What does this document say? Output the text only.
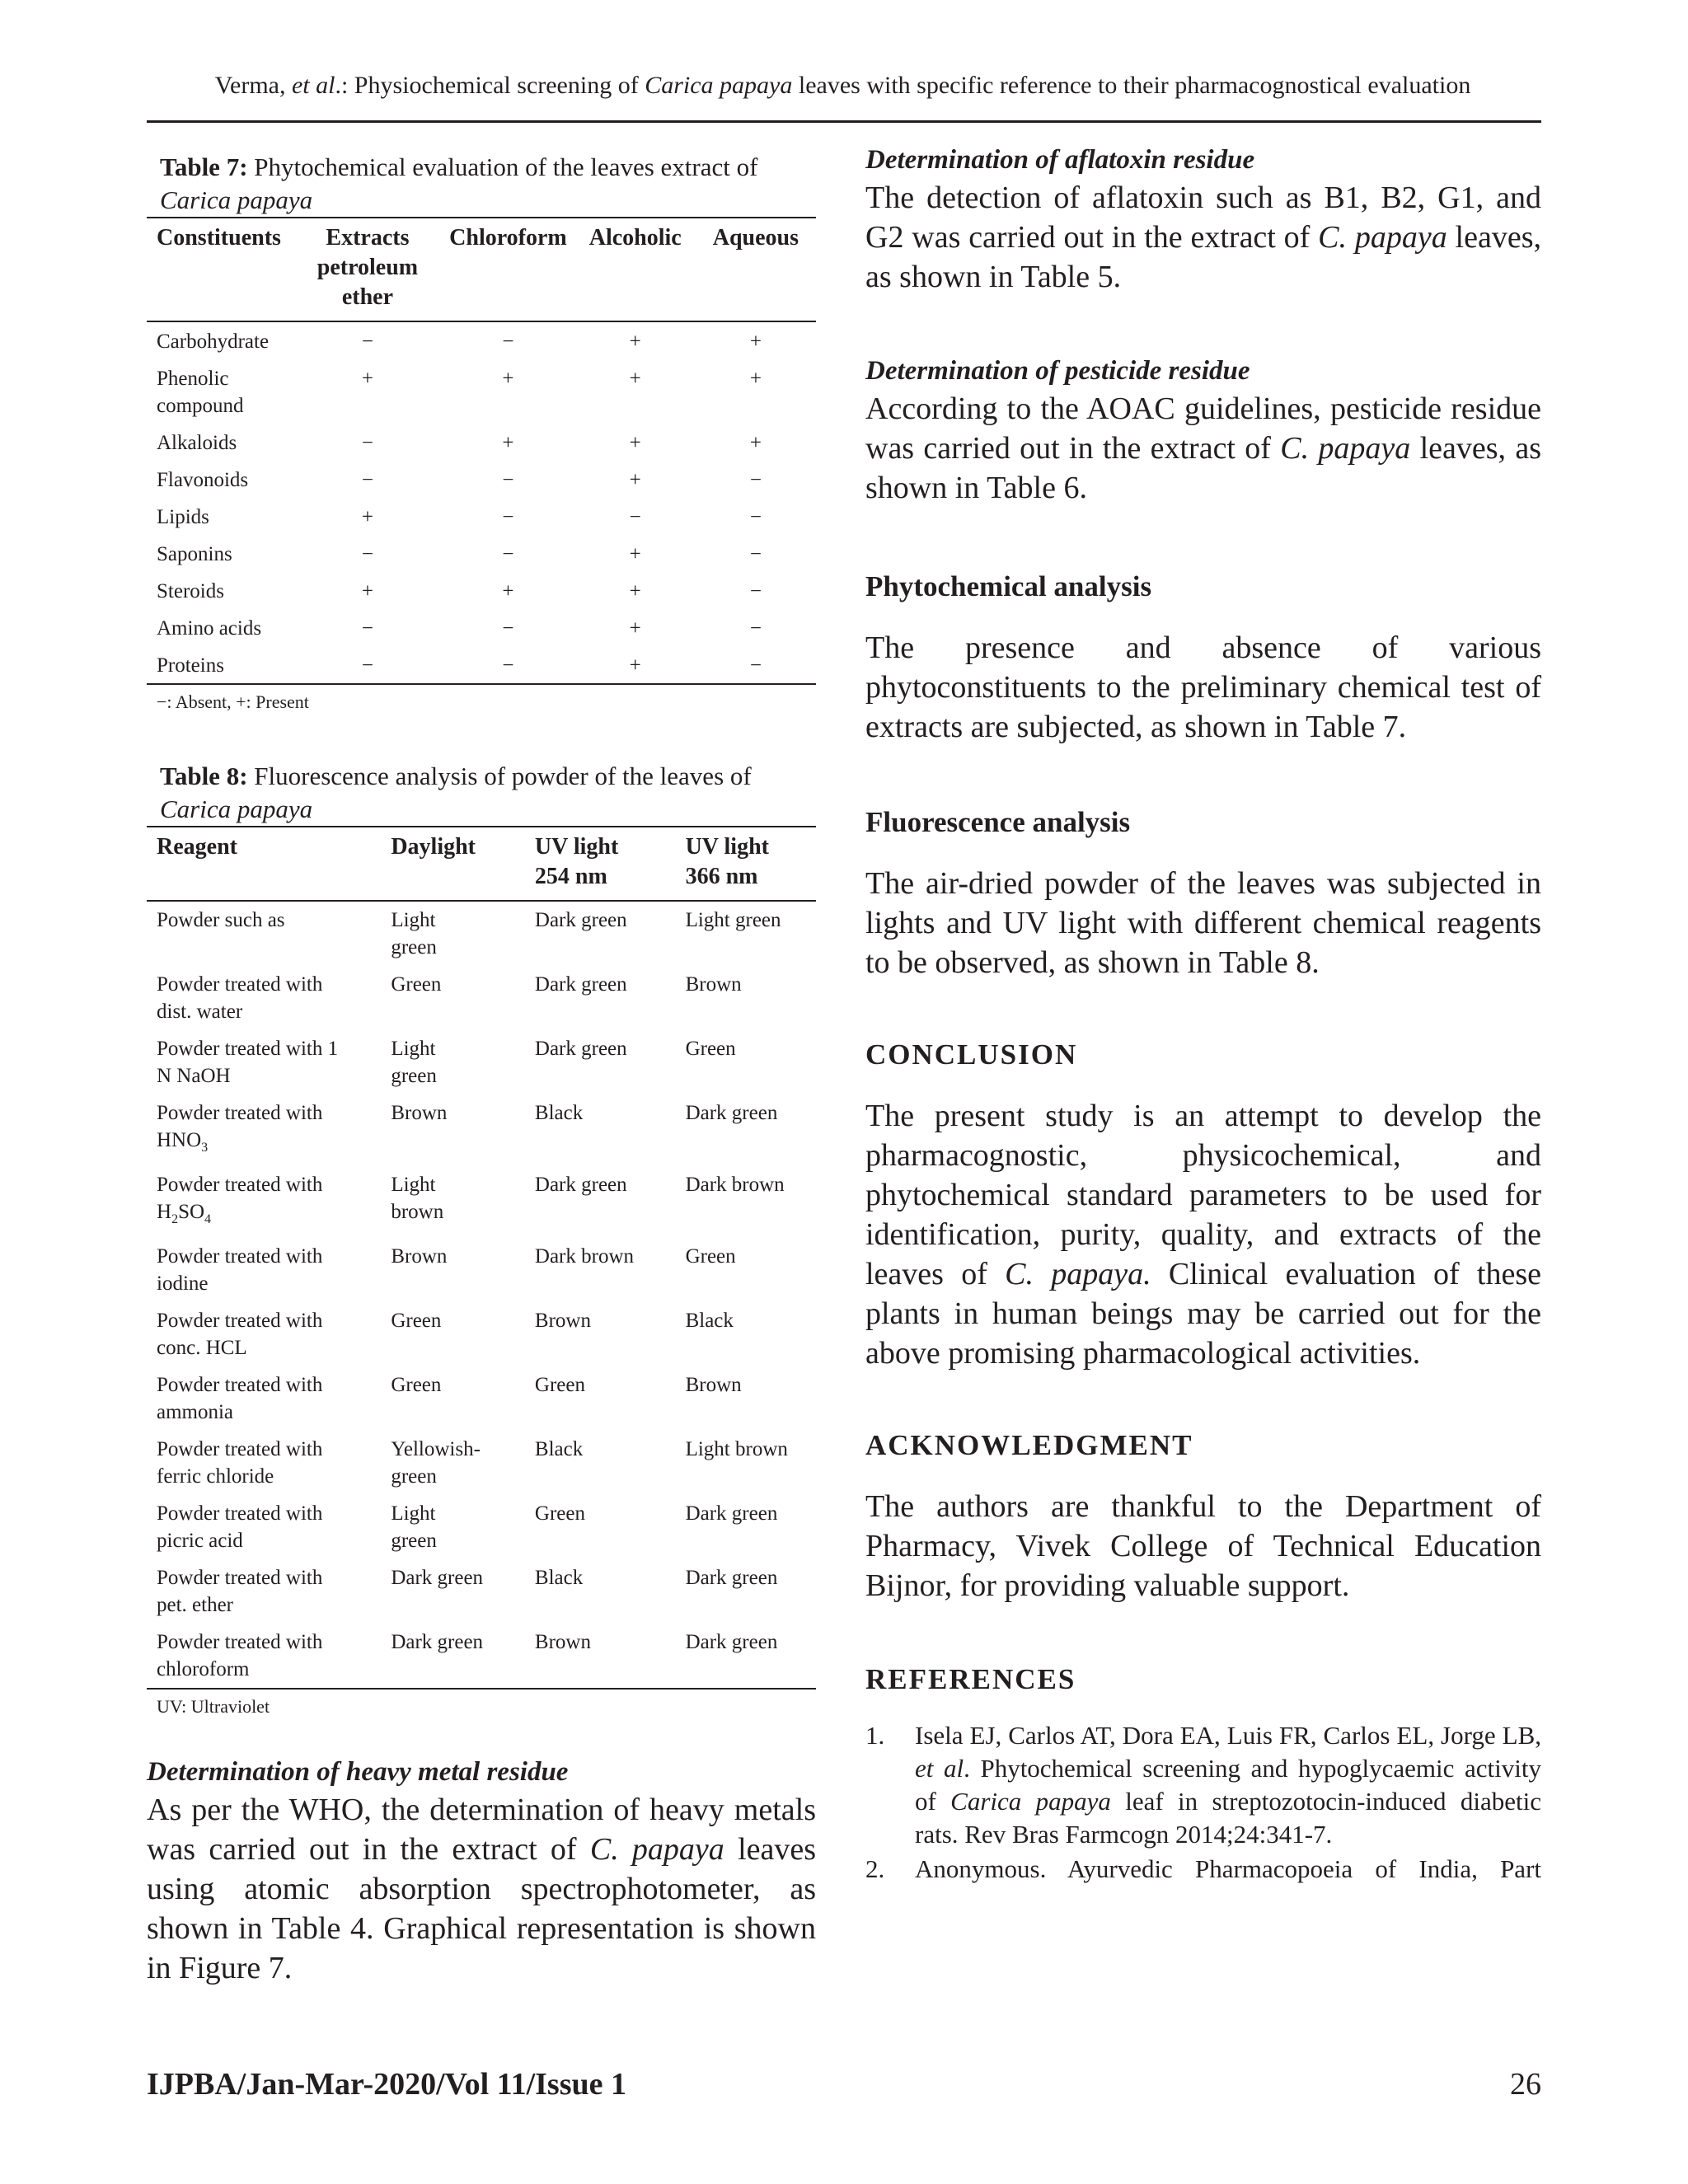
Verma, et al.: Physiochemical screening of Carica papaya leaves with specific reference to their pharmacognostical evaluation
Table 7: Phytochemical evaluation of the leaves extract of
Carica papaya
Constituents	Extracts petroleum ether	Chloroform	Alcoholic	Aqueous
Carbohydrate	−	−	+	+
Phenolic compound	+	+	+	+
Alkaloids	−	+	+	+
Flavonoids	−	−	+	−
Lipids	+	−	−	−
Saponins	−	−	+	−
Steroids	+	+	+	−
Amino acids	−	−	+	−
Proteins	−	−	+	−
−: Absent, +: Present
Table 8: Fluorescence analysis of powder of the leaves of
Carica papaya
Reagent	Daylight	UV light 254 nm	UV light 366 nm
Powder such as	Light green	Dark green	Light green
Powder treated with dist. water	Green	Dark green	Brown
Powder treated with 1 N NaOH	Light green	Dark green	Green
Powder treated with $HNO_3$	Brown	Black	Dark green
Powder treated with $H_2SO_4$	Light brown	Dark green	Dark brown
Powder treated with iodine	Brown	Dark brown	Green
Powder treated with conc. HCL	Green	Brown	Black
Powder treated with ammonia	Green	Green	Brown
Powder treated with ferric chloride	Yellowish-green	Black	Light brown
Powder treated with picric acid	Light green	Green	Dark green
Powder treated with pet. ether	Dark green	Black	Dark green
Powder treated with chloroform	Dark green	Brown	Dark green
UV: Ultraviolet
Determination of heavy metal residue
As per the WHO, the determination of heavy metals was carried out in the extract of C. papaya leaves using atomic absorption spectrophotometer, as shown in Table 4. Graphical representation is shown in Figure 7.
Determination of aflatoxin residue
The detection of aflatoxin such as B1, B2, G1, and G2 was carried out in the extract of C. papaya leaves, as shown in Table 5.
Determination of pesticide residue
According to the AOAC guidelines, pesticide residue was carried out in the extract of C. papaya leaves, as shown in Table 6.
Phytochemical analysis
The presence and absence of various phytoconstituents to the preliminary chemical test of extracts are subjected, as shown in Table 7.
Fluorescence analysis
The air-dried powder of the leaves was subjected in lights and UV light with different chemical reagents to be observed, as shown in Table 8.
CONCLUSION
The present study is an attempt to develop the pharmacognostic, physicochemical, and phytochemical standard parameters to be used for identification, purity, quality, and extracts of the leaves of C. papaya. Clinical evaluation of these plants in human beings may be carried out for the above promising pharmacological activities.
ACKNOWLEDGMENT
The authors are thankful to the Department of Pharmacy, Vivek College of Technical Education Bijnor, for providing valuable support.
REFERENCES
1.	Isela EJ, Carlos AT, Dora EA, Luis FR, Carlos EL, Jorge LB, et al. Phytochemical screening and hypoglycaemic activity of Carica papaya leaf in streptozotocin-induced diabetic rats. Rev Bras Farmcogn 2014;24:341-7.
2.	Anonymous. Ayurvedic Pharmacopoeia of India, Part
IJPBA/Jan-Mar-2020/Vol 11/Issue 1	26
